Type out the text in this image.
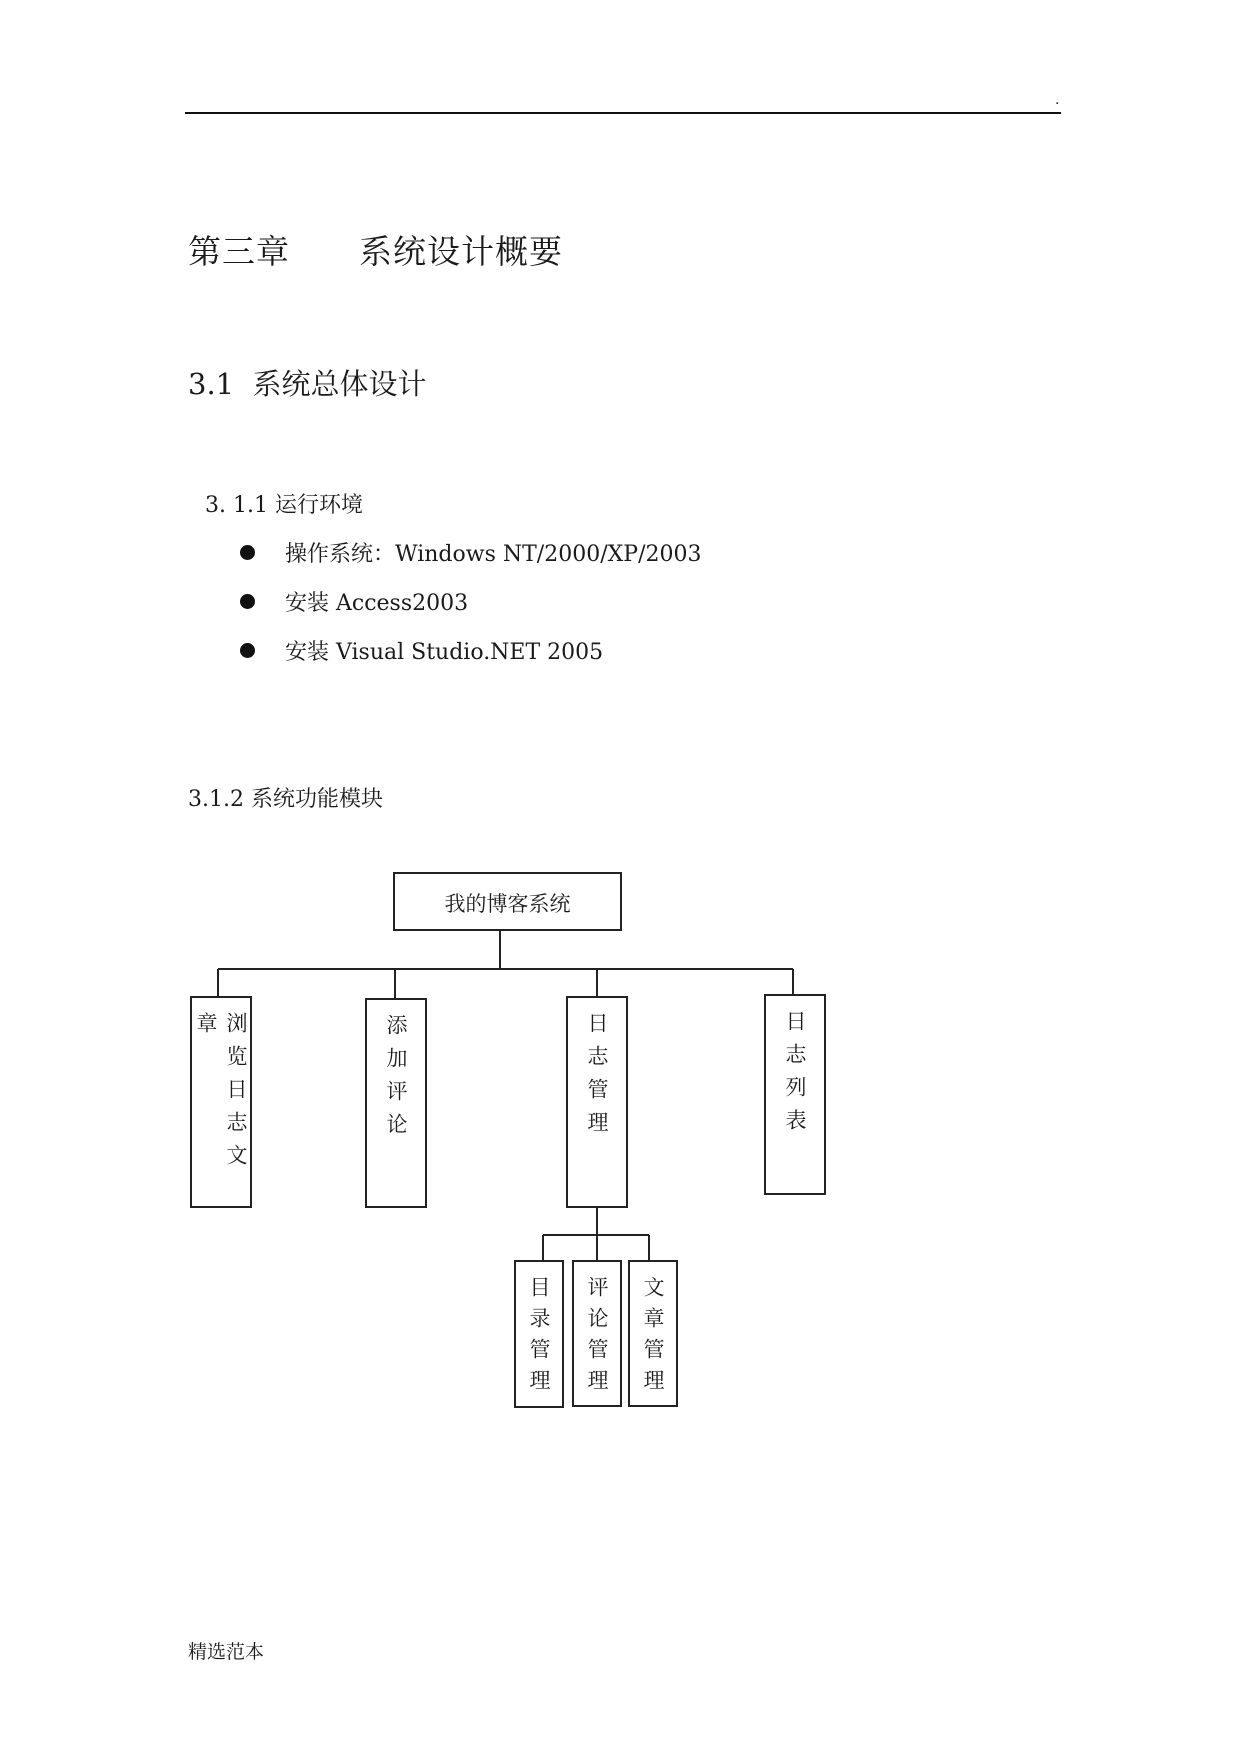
.
第三章      系统设计概要
3.1  系统总体设计
3. 1.1 运行环境
操作系统：Windows NT/2000/XP/2003
安装 Access2003
安装 Visual Studio.NET 2005
3.1.2 系统功能模块
我的博客系统
浏览日志文章	添加评论	日志管理	日志列表
目录管理 评论管理 文章管理
精选范本
